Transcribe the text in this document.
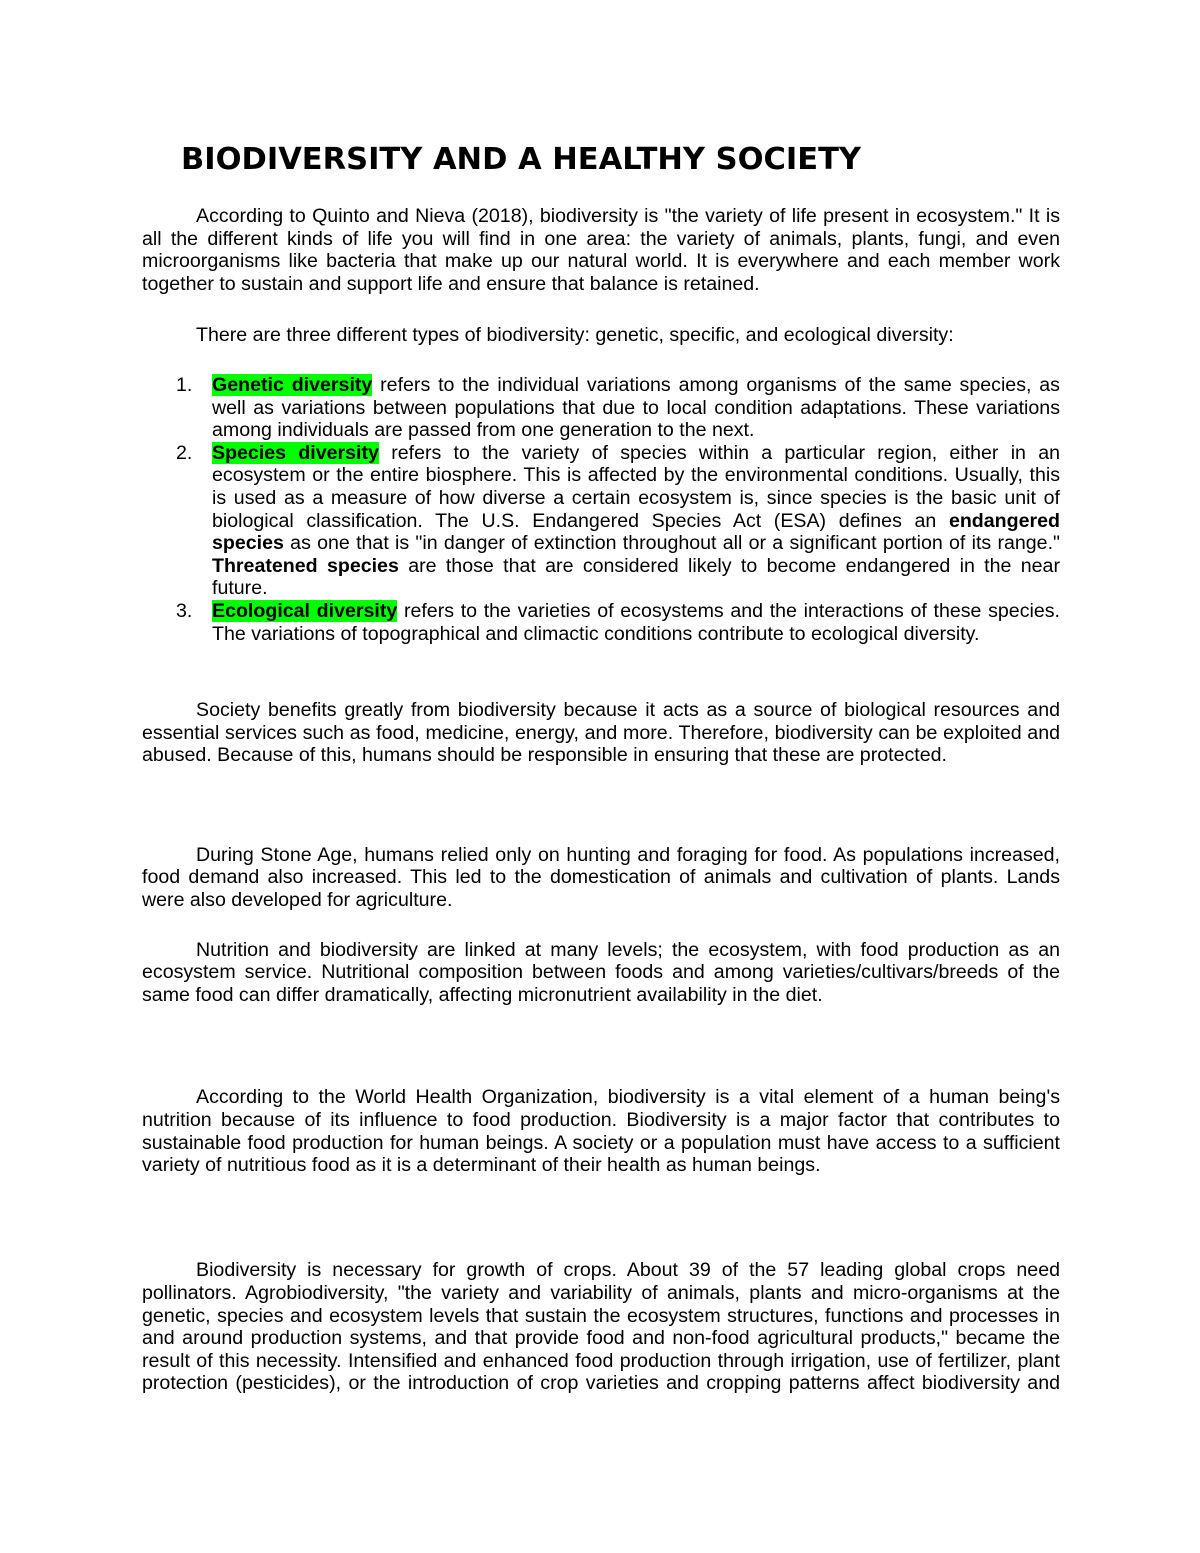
BIODIVERSITY AND A HEALTHY SOCIETY

According to Quinto and Nieva (2018), biodiversity is "the variety of life present in ecosystem." It is all the different kinds of life you will find in one area: the variety of animals, plants, fungi, and even microorganisms like bacteria that make up our natural world. It is everywhere and each member work together to sustain and support life and ensure that balance is retained.

There are three different types of biodiversity: genetic, specific, and ecological diversity:

1. Genetic diversity refers to the individual variations among organisms of the same species, as well as variations between populations that due to local condition adaptations. These variations among individuals are passed from one generation to the next.
2. Species diversity refers to the variety of species within a particular region, either in an ecosystem or the entire biosphere. This is affected by the environmental conditions. Usually, this is used as a measure of how diverse a certain ecosystem is, since species is the basic unit of biological classification. The U.S. Endangered Species Act (ESA) defines an endangered species as one that is "in danger of extinction throughout all or a significant portion of its range." Threatened species are those that are considered likely to become endangered in the near future.
3. Ecological diversity refers to the varieties of ecosystems and the interactions of these species. The variations of topographical and climactic conditions contribute to ecological diversity.

Society benefits greatly from biodiversity because it acts as a source of biological resources and essential services such as food, medicine, energy, and more. Therefore, biodiversity can be exploited and abused. Because of this, humans should be responsible in ensuring that these are protected.

During Stone Age, humans relied only on hunting and foraging for food. As populations increased, food demand also increased. This led to the domestication of animals and cultivation of plants. Lands were also developed for agriculture.

Nutrition and biodiversity are linked at many levels; the ecosystem, with food production as an ecosystem service. Nutritional composition between foods and among varieties/cultivars/breeds of the same food can differ dramatically, affecting micronutrient availability in the diet.

According to the World Health Organization, biodiversity is a vital element of a human being's nutrition because of its influence to food production. Biodiversity is a major factor that contributes to sustainable food production for human beings. A society or a population must have access to a sufficient variety of nutritious food as it is a determinant of their health as human beings.

Biodiversity is necessary for growth of crops. About 39 of the 57 leading global crops need pollinators. Agrobiodiversity, "the variety and variability of animals, plants and micro-organisms at the genetic, species and ecosystem levels that sustain the ecosystem structures, functions and processes in and around production systems, and that provide food and non-food agricultural products," became the result of this necessity. Intensified and enhanced food production through irrigation, use of fertilizer, plant protection (pesticides), or the introduction of crop varieties and cropping patterns affect biodiversity and
